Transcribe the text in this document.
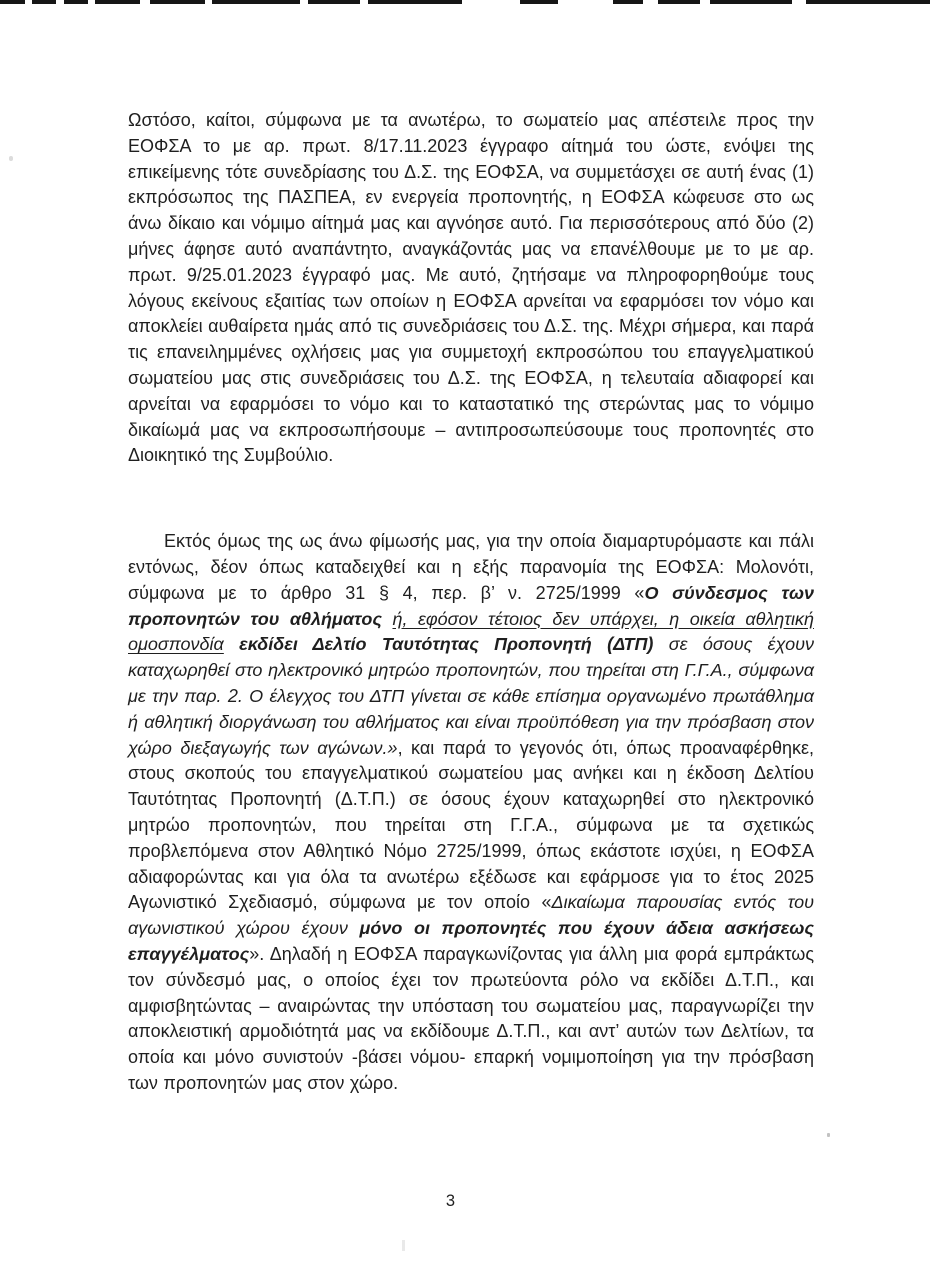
Ωστόσο, καίτοι, σύμφωνα με τα ανωτέρω, το σωματείο μας απέστειλε προς την ΕΟΦΣΑ το με αρ. πρωτ. 8/17.11.2023 έγγραφο αίτημά του ώστε, ενόψει της επικείμενης τότε συνεδρίασης του Δ.Σ. της ΕΟΦΣΑ, να συμμετάσχει σε αυτή ένας (1) εκπρόσωπος της ΠΑΣΠΕΑ, εν ενεργεία προπονητής, η ΕΟΦΣΑ κώφευσε στο ως άνω δίκαιο και νόμιμο αίτημά μας και αγνόησε αυτό. Για περισσότερους από δύο (2) μήνες άφησε αυτό αναπάντητο, αναγκάζοντάς μας να επανέλθουμε με το με αρ. πρωτ. 9/25.01.2023 έγγραφό μας. Με αυτό, ζητήσαμε να πληροφορηθούμε τους λόγους εκείνους εξαιτίας των οποίων η ΕΟΦΣΑ αρνείται να εφαρμόσει τον νόμο και αποκλείει αυθαίρετα ημάς από τις συνεδριάσεις του Δ.Σ. της. Μέχρι σήμερα, και παρά τις επανειλημμένες οχλήσεις μας για συμμετοχή εκπροσώπου του επαγγελματικού σωματείου μας στις συνεδριάσεις του Δ.Σ. της ΕΟΦΣΑ, η τελευταία αδιαφορεί και αρνείται να εφαρμόσει το νόμο και το καταστατικό της στερώντας μας το νόμιμο δικαίωμά μας να εκπροσωπήσουμε – αντιπροσωπεύσουμε τους προπονητές στο Διοικητικό της Συμβούλιο.

Εκτός όμως της ως άνω φίμωσής μας, για την οποία διαμαρτυρόμαστε και πάλι εντόνως, δέον όπως καταδειχθεί και η εξής παρανομία της ΕΟΦΣΑ: Μολονότι, σύμφωνα με το άρθρο 31 § 4, περ. β’ ν. 2725/1999 «Ο σύνδεσμος των προπονητών του αθλήματος ή, εφόσον τέτοιος δεν υπάρχει, η οικεία αθλητική ομοσπονδία εκδίδει Δελτίο Ταυτότητας Προπονητή (ΔΤΠ) σε όσους έχουν καταχωρηθεί στο ηλεκτρονικό μητρώο προπονητών, που τηρείται στη Γ.Γ.Α., σύμφωνα με την παρ. 2. Ο έλεγχος του ΔΤΠ γίνεται σε κάθε επίσημα οργανωμένο πρωτάθλημα ή αθλητική διοργάνωση του αθλήματος και είναι προϋπόθεση για την πρόσβαση στον χώρο διεξαγωγής των αγώνων.», και παρά το γεγονός ότι, όπως προαναφέρθηκε, στους σκοπούς του επαγγελματικού σωματείου μας ανήκει και η έκδοση Δελτίου Ταυτότητας Προπονητή (Δ.Τ.Π.) σε όσους έχουν καταχωρηθεί στο ηλεκτρονικό μητρώο προπονητών, που τηρείται στη Γ.Γ.Α., σύμφωνα με τα σχετικώς προβλεπόμενα στον Αθλητικό Νόμο 2725/1999, όπως εκάστοτε ισχύει, η ΕΟΦΣΑ αδιαφορώντας και για όλα τα ανωτέρω εξέδωσε και εφάρμοσε για το έτος 2025 Αγωνιστικό Σχεδιασμό, σύμφωνα με τον οποίο «Δικαίωμα παρουσίας εντός του αγωνιστικού χώρου έχουν μόνο οι προπονητές που έχουν άδεια ασκήσεως επαγγέλματος». Δηλαδή η ΕΟΦΣΑ παραγκωνίζοντας για άλλη μια φορά εμπράκτως τον σύνδεσμό μας, ο οποίος έχει τον πρωτεύοντα ρόλο να εκδίδει Δ.Τ.Π., και αμφισβητώντας – αναιρώντας την υπόσταση του σωματείου μας, παραγνωρίζει την αποκλειστική αρμοδιότητά μας να εκδίδουμε Δ.Τ.Π., και αντ’ αυτών των Δελτίων, τα οποία και μόνο συνιστούν -βάσει νόμου- επαρκή νομιμοποίηση για την πρόσβαση των προπονητών μας στον χώρο.

3
